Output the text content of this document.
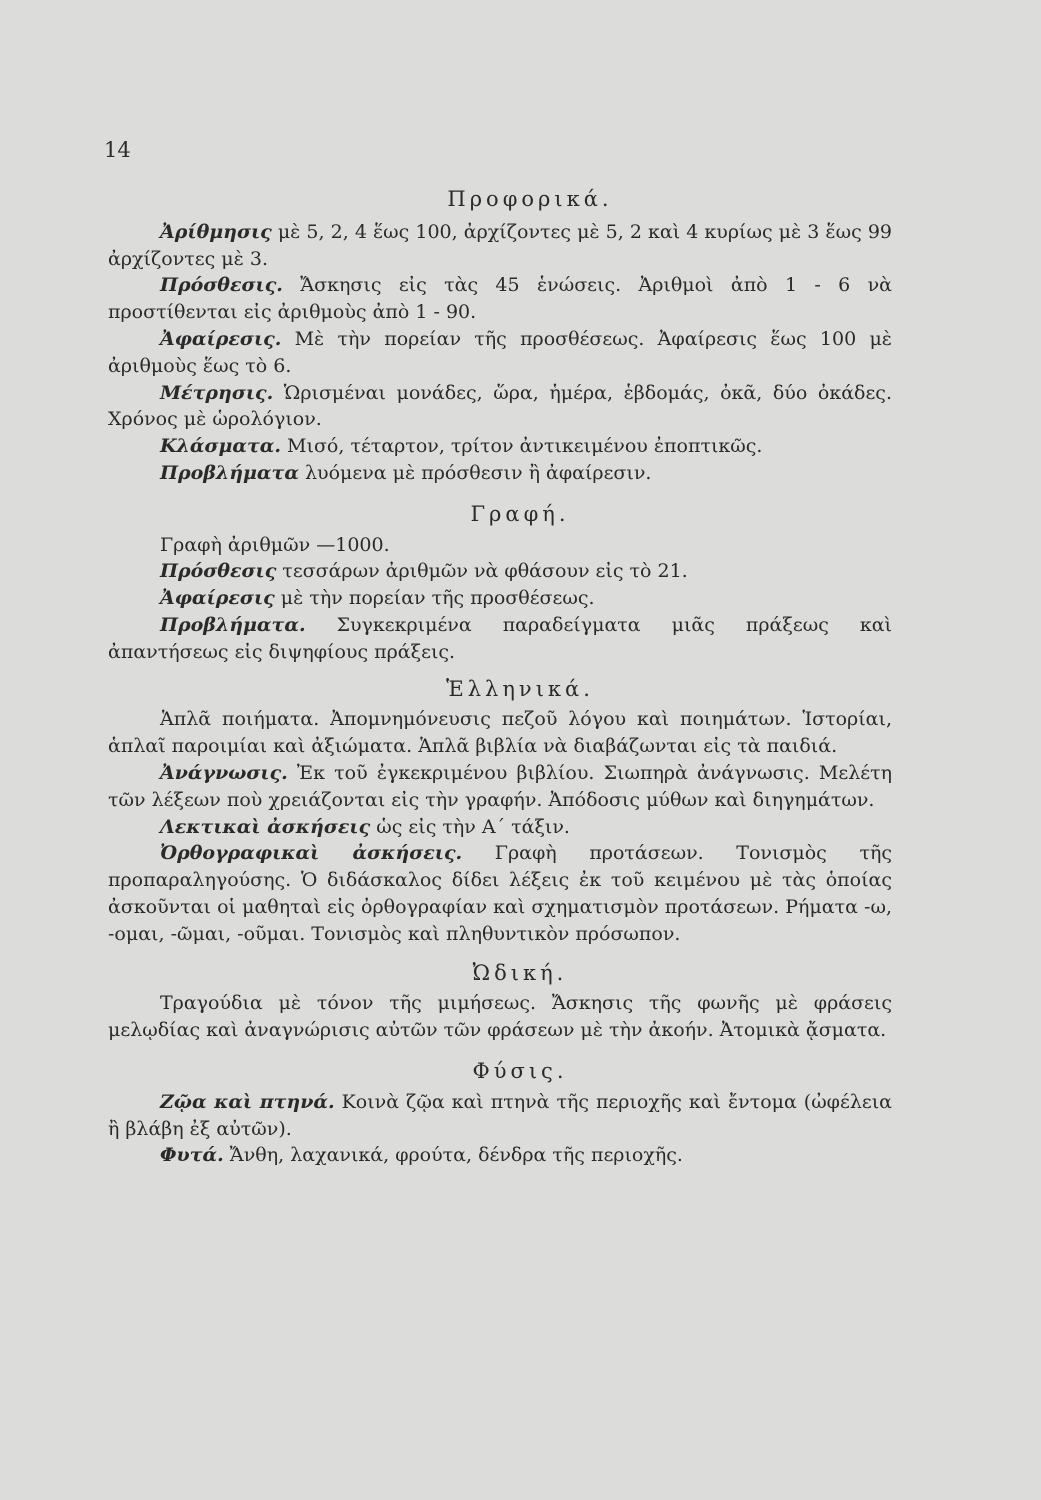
14
Προφορικά.

Ἀρίθμησις μὲ 5, 2, 4 ἕως 100, ἀρχίζοντες μὲ 5, 2 καὶ 4 κυρίως μὲ 3 ἕως 99 ἀρχίζοντες μὲ 3.

Πρόσθεσις. Ἄσκησις εἰς τὰς 45 ἑνώσεις. Ἀριθμοὶ ἀπὸ 1 - 6 νὰ προστίθενται εἰς ἀριθμοὺς ἀπὸ 1 - 90.

Ἀφαίρεσις. Μὲ τὴν πορείαν τῆς προσθέσεως. Ἀφαίρεσις ἕως 100 μὲ ἀριθμοὺς ἕως τὸ 6.

Μέτρησις. Ὡρισμέναι μονάδες, ὥρα, ἡμέρα, ἑβδομάς, ὀκᾶ, δύο ὀκάδες. Χρόνος μὲ ὡρολόγιον.

Κλάσματα. Μισό, τέταρτον, τρίτον ἀντικειμένου ἐποπτικῶς.

Προβλήματα λυόμενα μὲ πρόσθεσιν ἢ ἀφαίρεσιν.

Γραφή.

Γραφὴ ἀριθμῶν —1000.

Πρόσθεσις τεσσάρων ἀριθμῶν νὰ φθάσουν εἰς τὸ 21.

Ἀφαίρεσις μὲ τὴν πορείαν τῆς προσθέσεως.

Προβλήματα. Συγκεκριμένα παραδείγματα μιᾶς πράξεως καὶ ἀπαντήσεως εἰς διψηφίους πράξεις.

Ἑλληνικά.

Ἁπλᾶ ποιήματα. Ἀπομνημόνευσις πεζοῦ λόγου καὶ ποιημάτων. Ἱστορίαι, ἁπλαῖ παροιμίαι καὶ ἀξιώματα. Ἁπλᾶ βιβλία νὰ διαβάζωνται εἰς τὰ παιδιά.

Ἀνάγνωσις. Ἐκ τοῦ ἐγκεκριμένου βιβλίου. Σιωπηρὰ ἀνάγνωσις. Μελέτη τῶν λέξεων ποὺ χρειάζονται εἰς τὴν γραφήν. Ἀπόδοσις μύθων καὶ διηγημάτων.

Λεκτικαὶ ἀσκήσεις ὡς εἰς τὴν Α΄ τάξιν.

Ὀρθογραφικαὶ ἀσκήσεις. Γραφὴ προτάσεων. Τονισμὸς τῆς προπαραληγούσης. Ὁ διδάσκαλος δίδει λέξεις ἐκ τοῦ κειμένου μὲ τὰς ὁποίας ἀσκοῦνται οἱ μαθηταὶ εἰς ὀρθογραφίαν καὶ σχηματισμὸν προτάσεων. Ρήματα -ω, -ομαι, -ῶμαι, -οῦμαι. Τονισμὸς καὶ πληθυντικὸν πρόσωπον.

Ὠδική.

Τραγούδια μὲ τόνον τῆς μιμήσεως. Ἄσκησις τῆς φωνῆς μὲ φράσεις μελῳδίας καὶ ἀναγνώρισις αὐτῶν τῶν φράσεων μὲ τὴν ἀκοήν. Ἀτομικὰ ᾄσματα.

Φύσις.

Ζῷα καὶ πτηνά. Κοινὰ ζῷα καὶ πτηνὰ τῆς περιοχῆς καὶ ἔντομα (ὠφέλεια ἢ βλάβη ἐξ αὐτῶν).

Φυτά. Ἄνθη, λαχανικά, φρούτα, δένδρα τῆς περιοχῆς.
